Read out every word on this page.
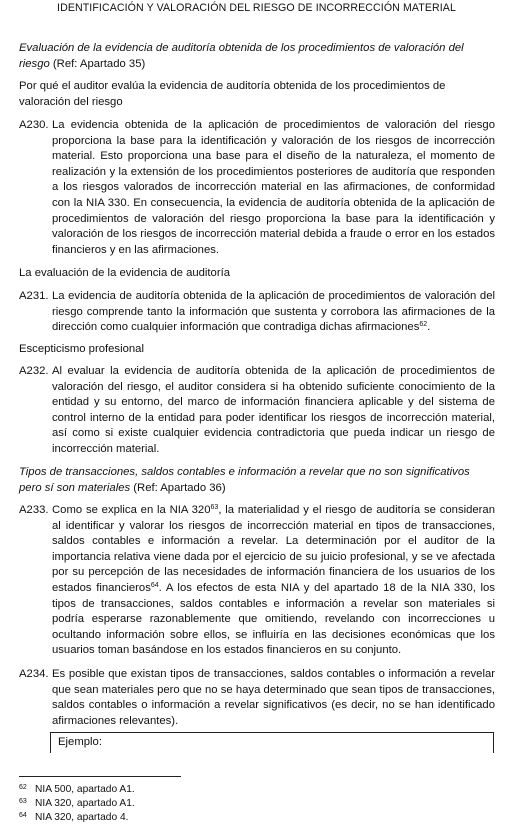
IDENTIFICACIÓN Y VALORACIÓN DEL RIESGO DE INCORRECCIÓN MATERIAL
Evaluación de la evidencia de auditoría obtenida de los procedimientos de valoración del riesgo (Ref: Apartado 35)
Por qué el auditor evalúa la evidencia de auditoría obtenida de los procedimientos de valoración del riesgo
A230. La evidencia obtenida de la aplicación de procedimientos de valoración del riesgo proporciona la base para la identificación y valoración de los riesgos de incorrección material. Esto proporciona una base para el diseño de la naturaleza, el momento de realización y la extensión de los procedimientos posteriores de auditoría que responden a los riesgos valorados de incorrección material en las afirmaciones, de conformidad con la NIA 330. En consecuencia, la evidencia de auditoría obtenida de la aplicación de procedimientos de valoración del riesgo proporciona la base para la identificación y valoración de los riesgos de incorrección material debida a fraude o error en los estados financieros y en las afirmaciones.
La evaluación de la evidencia de auditoría
A231. La evidencia de auditoría obtenida de la aplicación de procedimientos de valoración del riesgo comprende tanto la información que sustenta y corrobora las afirmaciones de la dirección como cualquier información que contradiga dichas afirmaciones$^{62}$.
Escepticismo profesional
A232. Al evaluar la evidencia de auditoría obtenida de la aplicación de procedimientos de valoración del riesgo, el auditor considera si ha obtenido suficiente conocimiento de la entidad y su entorno, del marco de información financiera aplicable y del sistema de control interno de la entidad para poder identificar los riesgos de incorrección material, así como si existe cualquier evidencia contradictoria que pueda indicar un riesgo de incorrección material.
Tipos de transacciones, saldos contables e información a revelar que no son significativos pero sí son materiales (Ref: Apartado 36)
A233. Como se explica en la NIA $320^{63}$, la materialidad y el riesgo de auditoría se consideran al identificar y valorar los riesgos de incorrección material en tipos de transacciones, saldos contables e información a revelar. La determinación por el auditor de la importancia relativa viene dada por el ejercicio de su juicio profesional, y se ve afectada por su percepción de las necesidades de información financiera de los usuarios de los estados financieros$^{64}$. A los efectos de esta NIA y del apartado 18 de la NIA 330, los tipos de transacciones, saldos contables e información a revelar son materiales si podría esperarse razonablemente que omitiendo, revelando con incorrecciones u ocultando información sobre ellos, se influiría en las decisiones económicas que los usuarios toman basándose en los estados financieros en su conjunto.
A234. Es posible que existan tipos de transacciones, saldos contables o información a revelar que sean materiales pero que no se haya determinado que sean tipos de transacciones, saldos contables o información a revelar significativos (es decir, no se han identificado afirmaciones relevantes).
Ejemplo:
62 NIA 500, apartado A1.
63 NIA 320, apartado A1.
64 NIA 320, apartado 4.
